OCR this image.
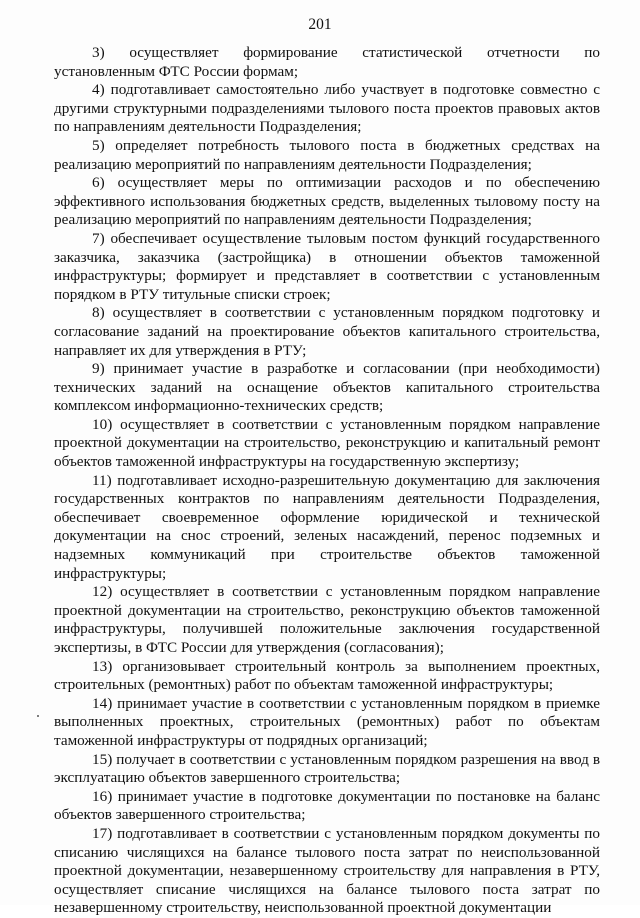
201

3) осуществляет формирование статистической отчетности по установленным ФТС России формам;

4) подготавливает самостоятельно либо участвует в подготовке совместно с другими структурными подразделениями тылового поста проектов правовых актов по направлениям деятельности Подразделения;

5) определяет потребность тылового поста в бюджетных средствах на реализацию мероприятий по направлениям деятельности Подразделения;

6) осуществляет меры по оптимизации расходов и по обеспечению эффективного использования бюджетных средств, выделенных тыловому посту на реализацию мероприятий по направлениям деятельности Подразделения;

7) обеспечивает осуществление тыловым постом функций государственного заказчика, заказчика (застройщика) в отношении объектов таможенной инфраструктуры; формирует и представляет в соответствии с установленным порядком в РТУ титульные списки строек;

8) осуществляет в соответствии с установленным порядком подготовку и согласование заданий на проектирование объектов капитального строительства, направляет их для утверждения в РТУ;

9) принимает участие в разработке и согласовании (при необходимости) технических заданий на оснащение объектов капитального строительства комплексом информационно-технических средств;

10) осуществляет в соответствии с установленным порядком направление проектной документации на строительство, реконструкцию и капитальный ремонт объектов таможенной инфраструктуры на государственную экспертизу;

11) подготавливает исходно-разрешительную документацию для заключения государственных контрактов по направлениям деятельности Подразделения, обеспечивает своевременное оформление юридической и технической документации на снос строений, зеленых насаждений, перенос подземных и надземных коммуникаций при строительстве объектов таможенной инфраструктуры;

12) осуществляет в соответствии с установленным порядком направление проектной документации на строительство, реконструкцию объектов таможенной инфраструктуры, получившей положительные заключения государственной экспертизы, в ФТС России для утверждения (согласования);

13) организовывает строительный контроль за выполнением проектных, строительных (ремонтных) работ по объектам таможенной инфраструктуры;

14) принимает участие в соответствии с установленным порядком в приемке выполненных проектных, строительных (ремонтных) работ по объектам таможенной инфраструктуры от подрядных организаций;

15) получает в соответствии с установленным порядком разрешения на ввод в эксплуатацию объектов завершенного строительства;

16) принимает участие в подготовке документации по постановке на баланс объектов завершенного строительства;

17) подготавливает в соответствии с установленным порядком документы по списанию числящихся на балансе тылового поста затрат по неиспользованной проектной документации, незавершенному строительству для направления в РТУ, осуществляет списание числящихся на балансе тылового поста затрат по незавершенному строительству, неиспользованной проектной документации
